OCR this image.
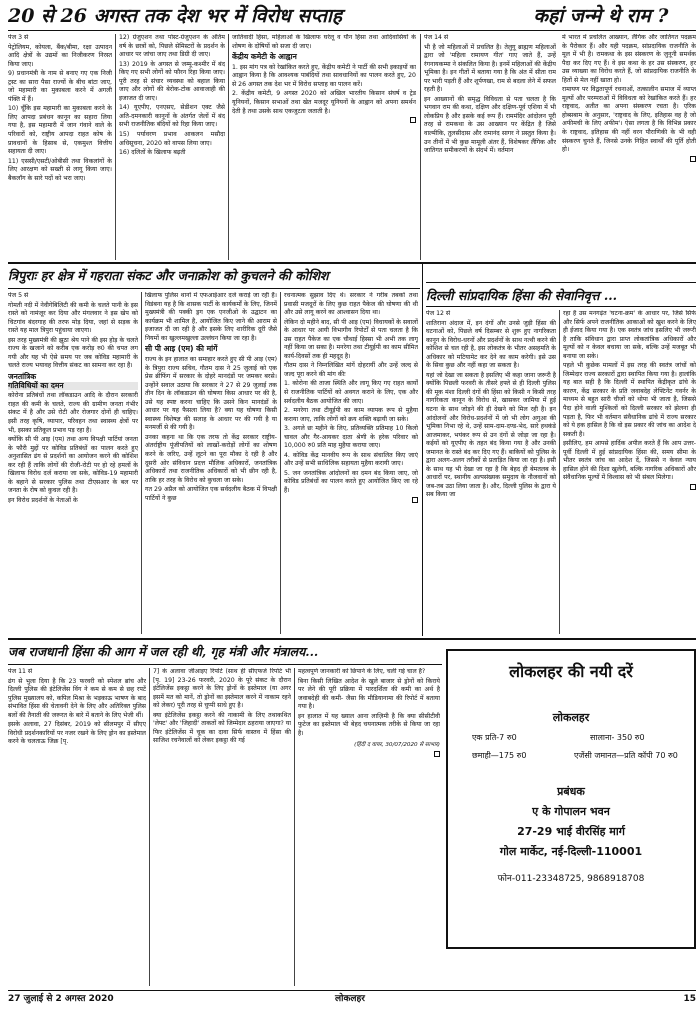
20 से 26 अगस्त तक देश भर में विरोध सप्ताह	कहां जन्मे थे राम ?

पेज 3 से

पेट्रोलियम, कोयला, बैंक/बीमा, रक्षा उत्पादन आदि क्षेत्रों के उद्यमों का निजीकरण निरस्त किया जाए।

9) प्रधानमंत्री के नाम से बनाए गए एक निजी ट्रस्ट का सारा पैसा राज्यों के बीच बांटा जाए, जो महामारी का मुकाबला करने में अगली पंक्ति में हैं।

10) चूँकि इस महामारी का मुकाबला करने के लिए आपदा प्रबंधन कानून का सहारा लिया गया है, इस महामारी में जान गंवाने वाले के परिवारों को, राष्ट्रीय आपदा राहत कोष के प्रावधानों के हिसाब से, एकमुश्त वित्तीय सहायता दी जाए।

11) एससी/एसटी/ओबीसी तथा विकलांगों के लिए आरक्षण को सख्ती से लागू किया जाए। बैकलॉग के सारे पदों को भरा जाए।

12) ग्रेजुएशन तथा पोस्ट-ग्रेजुएशन के अंतिम वर्ष के छात्रों को, पिछले सेमिस्टरों के प्रदर्शन के आधार पर जांचा जाए तथा डिग्री दी जाए।

13) 2019 के अगस्त से जम्मू-कश्मीर में बंद किए गए सभी लोगों को फौरन रिहा किया जाए। पूरी तरह से संचार व्यवस्था को बहाल किया जाए और लोगों की बेरोक-टोक आवाजाही की इजाजत दी जाए।

14) यूएपीए, एनएसए, सेडीशन एक्ट जैसे अति-दमनकारी कानूनों के अंतर्गत जेलों में बंद सभी राजनीतिक बंदियों को रिहा किया जाए।

15) पर्यावरण प्रभाव आकलन मसौदा अधिसूचना, 2020 को वापस लिया जाए।

16) दलितों के खिलाफ बढ़ती

जातिवादी हिंसा, महिलाओं के खिलाफ घरेलू व यौन हिंसा तथा आदिवासियों के शोषण के दोषियों को सजा दी जाए।

केंद्रीय कमेटी के आह्वान

1. इस मांग पत्र को रेखांकित करते हुए, केंद्रीय कमेटी ने पार्टी की सभी इकाइयों का आह्वान किया है कि आवश्यक पाबंदियों तथा सावधानियों का पालन करते हुए, 20 से 26 अगस्त तक देश भर में विरोध सप्ताह का पालन करें।

2. केंद्रीय कमेटी, 9 अगस्त 2020 को अखिल भारतीय किसान संघर्ष व ट्रेड यूनियनों, किसान सभाओं तथा खेत मजदूर यूनियनों के आह्वान को अपना समर्थन देती है तथा उसके साथ एकजुटता जताती है।

पेज 14 से

भी है जो महिलाओं में प्रचलित है। तेलुगू ब्राह्मण महिलाओं द्वारा जो 'महिला रामायण गीत' गाए जाते हैं, उन्हें रंगनायकम्मा ने संकलित किया है। इनमें महिलाओं की केंद्रीय भूमिका है। इन गीतों में बताया गया है कि अंत में सीता राम पर भारी पड़ती हैं और शूर्पणखा, राम से बदला लेने में सफल रहती है।

इन आख्यानों की समृद्ध विविधता से पता चलता है कि भगवान राम की कथा, दक्षिण और दक्षिण-पूर्व एशिया में भी लोकप्रिय है और इसके कई रूप हैं। राममंदिर आंदोलन पूरी तरह से रामकथा के उस आख्यान पर केंद्रित है जिसे वाल्मीकि, तुलसीदास और रामानंद सागर ने प्रस्तुत किया है। उन तीनों में भी कुछ मामूली अंतर हैं, विशेषकर लैंगिक और जातिगत समीकरणों के संदर्भ में। वर्तमान

में भारत में प्रचलित आख्यान, लैंगिक और जातिगत पदक्रम के पैरोकार हैं। और यही पदक्रम, सांप्रदायिक राजनीति के मूल में भी है। रामकथा के इस संस्करण के जुनूनी समर्थक पैदा कर दिए गए हैं। वे इस कथा के हर उस संस्करण, हर उस व्याख्या का विरोध करते हैं, जो सांप्रदायिक राजनीति के हितों से मेल नहीं खाता हो।

रामायण पर विद्वतापूर्ण रचनाओं, तत्कालीन समाज में व्याप्त मूल्यों और परम्पराओं में विविधता को रेखांकित करते हैं। हर राष्ट्रवाद, अतीत का अपना संस्करण रचता है। एरिक होब्सबाम के अनुसार, 'राष्ट्रवाद के लिए, इतिहास वह है जो अफीमची के लिए अफीम'। ऐसा लगता है कि विभिन्न प्रकार के राष्ट्रवाद, इतिहास की नहीं वरन पौराणिकी के भी वही संस्करण चुनते हैं, जिनसे उनके निहित स्वार्थों की पूर्ति होती हो।

त्रिपुराः हर क्षेत्र में गहराता संकट और जनाक्रोश को कुचलने की कोशिश

पेज 5 से

गोमती नदी में नेवीगेबिलिटी की कमी के चलते पानी के इस रास्ते को नामंजूर कर दिया और मंगलवार ने इस खेप को चिटगांव बंदरगाह की तरफ मोड़ दिया, जहां से सड़क के रास्ते यह माल त्रिपुरा पहुंचाया जाएगा।

इस तरह मुख्यमंत्री की झूठा श्रेय पाने की इस होड़ के चलते राज्य के खजाने को करीब एक करोड़ रु0 की चपत लग गयी और यह भी ऐसे समय पर जब कोविड महामारी के चलते राज्य भयावह वित्तीय संकट का सामना कर रहा है।

जनतांत्रिक
गतिविधियों का दमन

कोरोना प्रतिबंधों तथा लॉकडाउन आदि के दौरान सरकारी राहत की कमी के चलते, राज्य की ग्रामीण जनता गंभीर संकट में है और उसे रोटी और रोजगार दोनों ही चाहिए। इसी तरह कृषि, व्यापार, परिवहन तथा स्वास्थ्य क्षेत्रों पर भी, इसका प्रतिकूल प्रभाव पड़ रहा है।

क्योंकि सी पी आइ (एम) तथा अन्य विपक्षी पार्टियां जनता के फौरी मुद्दों पर कोविड प्रतिबंधों का पालन करते हुए अनुशासित ढंग से प्रदर्शनों का आयोजन करने की कोशिश कर रही हैं ताकि लोगों की रोजी-रोटी पर हो रहे हमलों के खिलाफ विरोध दर्ज कराया जा सके, कोविड-19 महामारी के बहाने से सरकार पुलिस तथा टीएसआर के बल पर जनता के रोष को कुचल रही है।

इन विरोध प्रदर्शनों के नेताओं के

खिलाफ पुलिस थानों में एफआईआर दर्ज कराई जा रही हैं। विडंबना यह है कि शासक पार्टी के कार्यकर्मों के लिए, जिनमें मुख्यमंत्री की पक्की ड्रग एक एनजीओ के उद्घाटन का कार्यक्रम भी शामिल है, आयोजित किए जाने की आराम से इजाजत दी जा रही है और इसके लिए शारीरिक दूरी जैसे नियमों का खुल्लमखुल्ला उल्लंघन किया जा रहा है।

सी पी आइ (एम) की मांगें

राज्य के इन हालात का समाहार करते हुए सी पी आइ (एम) के त्रिपुरा राज्य सचिव, गौतम दास ने 25 जुलाई को एक प्रेस ब्रीफिंग में सरकार के दोहरे मानदंडों पर जमकर बरसे। उन्होंने सवाल उठाया कि सरकार ने 27 से 29 जुलाई तक तीन दिन के लॉकडाउन की घोषणा किस आधार पर की है, उसे यह स्पष्ट करना चाहिए कि उसने किन मानदंडों के आधार पर यह फैसला लिया है? क्या यह घोषणा किसी स्वास्थ्य विशेषज्ञ की सलाह के आधार पर की गयी है या मनमर्जी से की गयी है।

उनका कहना था कि एक तरफ तो केंद्र सरकार राष्ट्रीय-अंतर्राष्ट्रीय पूंजीपतियों को लाखों-करोड़ों लोगों का शोषण करने के जरिए, उन्हें लूटने का पूरा मौका दे रही है और दूसरी ओर संविधान प्रदत्त मौलिक अधिकारों, जनतांत्रिक अधिकारों तथा राजनीतिक अधिकारों को भी छीन रही है, ताकि हर तरह के विरोध को कुचला जा सके।

गत 29 अप्रैल को आयोजित एक सर्वदलीय बैठक में विपक्षी पार्टियों ने कुछ

रचनात्मक सुझाव दिए थे। सरकार ने गरीब तबकों तथा प्रवासी मजदूरों के लिए कुछ राहत पैकेज की घोषणा की थी और उसे लागू करने का आश्वासन दिया था।

लेकिन दो महीने बाद, सी पी आइ (एम) विधायकों के सवालों के आधार पर आयी विभागीय रिपोर्टों से पता चलता है कि उस राहत पैकेज का एक चौथाई हिस्सा भी अभी तक लागू नहीं किया जा सका है। मनरेगा तथा टीयूईपी का काम सीमित कार्य-दिवसों तक ही महदूद है।

गौतम दास ने निम्नलिखित मांगें दोहरायीं और उन्हें जल्द से जल्द पूरा करने की मांग कीः

1. कोरोना की ताजा स्थिति और लागू किए गए राहत कार्यों से राजनीतिक पार्टियों को अवगत कराने के लिए, एक और सर्वदलीय बैठक आयोजित की जाए।

2. मनरेगा तथा टीयूईपी का काम व्यापक रूप से मुहैया कराया जाए, ताकि लोगों को क्रय शक्ति बढ़ायी जा सके।

3. अगले छः महीने के लिए, प्रतिव्यक्ति प्रतिमाह 10 किलो चावल और गैर-आयकर दाता श्रेणी के हरेक परिवार को 10,000 रु0 प्रति माह मुहैया कराया जाए।

4. कोविड केंद्र मानवीय रूप के साथ संचालित किए जाएं और उन्हें सभी साधिलिक सहायता मुहैया करायी जाए।

5. जन जनतांत्रिक आंदोलनों का दमन बंद किया जाए, जो कोविड प्रतिबंधों का पालन करते हुए आयोजित किए जा रहे हैं।

दिल्ली सांप्रदायिक हिंसा की सेवानिवृत्त ...

पेज 12 से

शातिराना अंदाज में, इन दंगों और उनसे जुड़ी हिंसा की घटनाओं को, पिछले वर्ष दिसम्बर से शुरू हुए नागरिकता कानून के विरोध-धरनों और प्रदर्शनों के साथ नत्थी करने की कोशिश से चल रही है, इस लोकतंत्र के भीतर असहमति के अधिकार को मटियामेट कर देने का काम करेगी। इसे उस के सिवा कुछ और नहीं कहा जा सकता है।

यहां जो देखा जा सकता है इसलिए भी कहा जाना जरूरी है क्योंकि पिछली फरवरी के तीसरे हफ्ते से ही दिल्ली पुलिस की मूक मंशा दिल्ली दंगों की हिंसा को किसी न किसी तरह नागरिकता कानून के विरोध से, खासकर जामिया में हुई घटना के साथ जोड़ने की ही देखने को मिल रही है। इन आंदोलनों और विरोध-प्रदर्शनों में जो भी लोग अगुआ की भूमिका निभा रहे थे, उन्हें साम-दाम-दण्ड-भेद, सारे हथकंडे आजमाकर, भयंकर रूप से उन दंगों से जोड़ा जा रहा है। कईयों को यूएपीए के तहत बंद किया गया है और उनकी जमानत के रास्ते बंद कर दिए गए हैं। बाकियों को पुलिस के द्वारा अलग-अलग तरीकों से प्रताड़ित किया जा रहा है। इसी के साथ यह भी देखा जा रहा है कि बेहद ही बेमतलब के आधारों पर, स्थानीय अल्पसंख्यक समुदाय के नौजवानों को जब-तब उठा लिया जाता है। और, दिल्ली पुलिस के द्वारा ये सब किया जा

रहा है उस मनगढ़ंत 'घटना-क्रम' के आधार पर, जिसे सिर्फ और सिर्फ अपने राजनीतिक आकाओं को खुश करने के लिए ही ईजाद किया गया है। एक स्वतंत्र जांच इसलिए भी जरूरी है ताकि संविधान द्वारा प्राप्त लोकतांत्रिक अधिकारों और मूल्यों को न केवल बचाया जा सके, बल्कि उन्हें मजबूत भी बनाया जा सके।

पहले भी कुछेक मामलों में इस तरह की स्वतंत्र जांचों को जिम्मेदार राज्य सरकारों द्वारा स्थापित किया गया है। हालांकि यह बात सही है कि दिल्ली में स्थापित केंद्रीकृत ढांचे के कारण, केंद्र सरकार के प्रति जवाबदेह लेफ्टिनेंट गवर्नर के माध्यम से बहुत सारी चीजों को थोपा भी जाता है, जिससे पैदा होने वाली मुश्किलों को दिल्ली सरकार को झेलना ही पड़ता है, फिर भी वर्तमान संवैधानिक ढांचे में राज्य सरकार को ये हक हासिल है कि वो इस प्रकार की जांच का आदेश दे सकती है।

इसीलिए, हम आपसे हार्दिक अपील करते हैं कि आप उत्तर-पूर्वी दिल्ली में हुई सांप्रदायिक हिंसा की, समय सीमा के भीतर स्वतंत्र जांच का आदेश दें, जिससे न केवल न्याय हासिल होने की दिशा खुलेगी, बल्कि नागरिक अधिकारों और संवैधानिक मूल्यों में विश्वास को भी संबल मिलेगा।

जब राजधानी हिंसा की आग में जल रही थी, गृह मंत्री और मंत्रालय...

पेज 11 से

ढंग से भुला दिया है कि 23 फरवरी को स्पेशल ब्रांच और दिल्ली पुलिस की इंटेलिजेंस विंग ने कम से कम से छह रपटें पुलिस मुख्यालय को, कपिल मिश्रा के भड़काऊ भाषण के बाद संभावित हिंसा की चेतावनी देने के लिए और अतिरिक्त पुलिस बलों की तैनाती की जरूरत के बारे में बताने के लिए भेजी थीं।

इसके अलावा, 27 दिसंबर, 2019 को सीलमपुर में सीएए विरोधी प्रदर्शनकारियों पर नजर रखने के लिए ड्रोन का इस्तेमाल करने के चलताऊ जिक्र [पृ.

7] के अलावा जीआइए रिपोर्ट (साथ ही सीएफजे रिपोर्ट भी [पृ. 19] 23-26 फरवरी, 2020 के पूरे संकट के दौरान इंटेलिजेंस इकट्ठा करने के लिए ड्रोनों के इस्तेमाल (या अगर इसमें मत को मानें, तो ड्रोनों का इस्तेमाल करने में नाकाम रहने को लेकर) पूरी तरह से चुप्पी साधे हुए है।

क्या इंटेलिजेंस इकट्ठा करने की नाकामी के लिए तथाकथित 'लेफ्ट' और 'जिहादी' ताकतों को जिम्मेदार ठहराया जाएगा? या फिर इंटेलिजेंस में चूक का दावा सिर्फ वास्तव में हिंसा की साजिश रचनेवालों को लेकर इकट्ठा की गई

महत्वपूर्ण जानकारी को छिपाने के लिए, चली गई चाल है?

बिना किसी लिखित आदेश के खुले बाजार से ड्रोनों को किराये पर लेने की पूरी प्रक्रिया में पारदर्शिता की कमी का अर्थ है जवाबदेही की कमी- जैसा कि मीडियानामा की रिपोर्ट में बताया गया है।

इन हालात में यह ख्याल आना लाज़िमी है कि क्या सीसीटीवी फुटेज का इस्तेमाल भी बेहद चयनात्मक तरीके से किया जा रहा है।

(हिंदी द वायर, 30/07/2020 से साभार)

लोकलहर की नयी दरें
लोकलहर
एक प्रति-7 रु0	सालाना- 350 रु0
छमाही—175 रु0	एजेंसी जमानत—प्रति कॉपी 70 रु0
प्रबंधक
ए के गोपालन भवन
27-29 भाई वीरसिंह मार्ग
गोल मार्केट, नई-दिल्ली-110001
फोन-011-23348725, 9868918708
27 जुलाई से 2 अगस्त 2020	लोकलहर	15
